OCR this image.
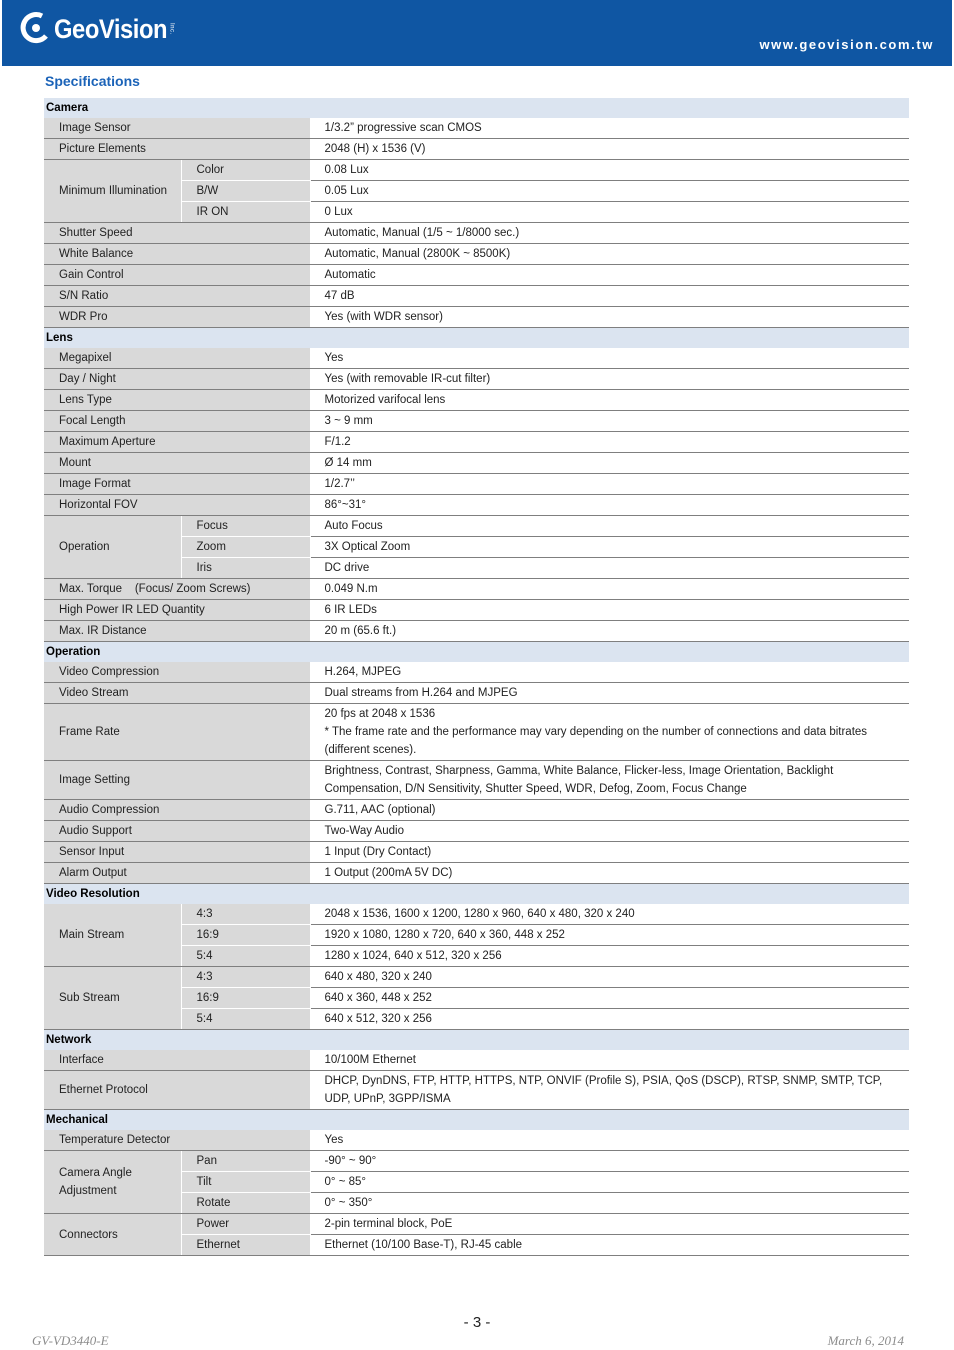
GeoVision Inc.
www.geovision.com.tw
Specifications
Camera		
Image Sensor		1/3.2” progressive scan CMOS
Picture Elements		2048 (H) x 1536 (V)
Minimum Illumination	Color	0.08 Lux
	B/W	0.05 Lux
	IR ON	0 Lux
Shutter Speed		Automatic, Manual (1/5 ~ 1/8000 sec.)
White Balance		Automatic, Manual (2800K ~ 8500K)
Gain Control		Automatic
S/N Ratio		47 dB
WDR Pro		Yes (with WDR sensor)
Lens		
Megapixel		Yes
Day / Night		Yes (with removable IR-cut filter)
Lens Type		Motorized varifocal lens
Focal Length		3 ~ 9 mm
Maximum Aperture		F/1.2
Mount		Ø 14 mm
Image Format		1/2.7’’
Horizontal FOV		86°~31°
Operation	Focus	Auto Focus
	Zoom	3X Optical Zoom
	Iris	DC drive
Max. Torque    (Focus/ Zoom Screws)		0.049 N.m
High Power IR LED Quantity		6 IR LEDs
Max. IR Distance		20 m (65.6 ft.)
Operation		
Video Compression		H.264, MJPEG
Video Stream		Dual streams from H.264 and MJPEG
Frame Rate		20 fps at 2048 x 1536
* The frame rate and the performance may vary depending on the number of connections and data bitrates (different scenes).
Image Setting		Brightness, Contrast, Sharpness, Gamma, White Balance, Flicker-less, Image Orientation, Backlight Compensation, D/N Sensitivity, Shutter Speed, WDR, Defog, Zoom, Focus Change
Audio Compression		G.711, AAC (optional)
Audio Support		Two-Way Audio
Sensor Input		1 Input (Dry Contact)
Alarm Output		1 Output (200mA 5V DC)
Video Resolution		
Main Stream	4:3	2048 x 1536, 1600 x 1200, 1280 x 960, 640 x 480, 320 x 240
	16:9	1920 x 1080, 1280 x 720, 640 x 360, 448 x 252
	5:4	1280 x 1024, 640 x 512, 320 x 256
Sub Stream	4:3	640 x 480, 320 x 240
	16:9	640 x 360, 448 x 252
	5:4	640 x 512, 320 x 256
Network		
Interface		10/100M Ethernet
Ethernet Protocol		DHCP, DynDNS, FTP, HTTP, HTTPS, NTP, ONVIF (Profile S), PSIA, QoS (DSCP), RTSP, SNMP, SMTP, TCP, UDP, UPnP, 3GPP/ISMA
Mechanical		
Temperature Detector		Yes
Camera Angle Adjustment	Pan	-90° ~ 90°
	Tilt	0° ~ 85°
	Rotate	0° ~ 350°
Connectors	Power	2-pin terminal block, PoE
	Ethernet	Ethernet (10/100 Base-T), RJ-45 cable
- 3 -
GV-VD3440-E	March 6, 2014
